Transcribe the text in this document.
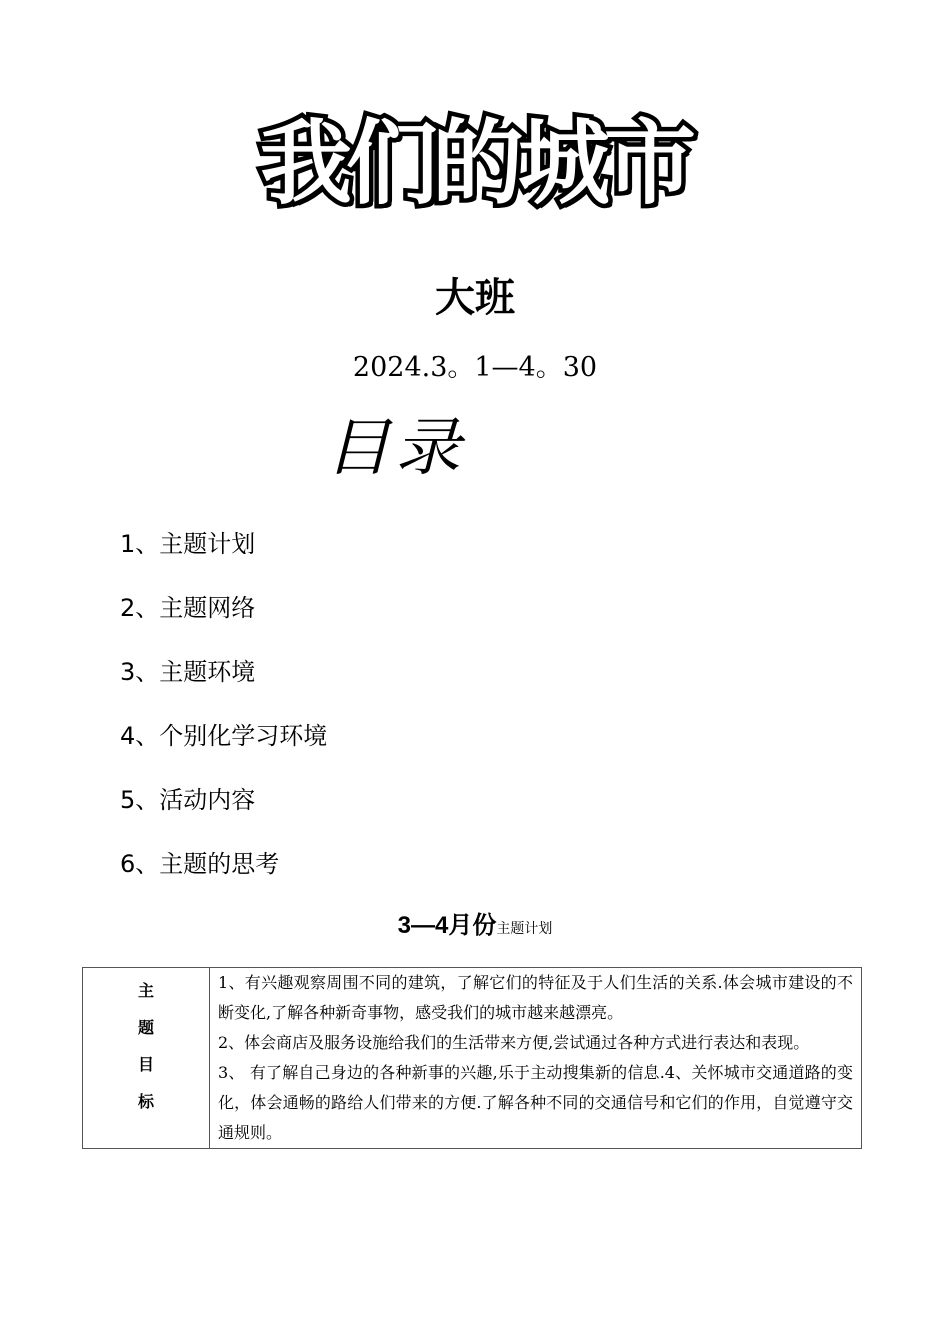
我们的城市
大班
2024.3。1—4。30
目录
1、主题计划
2、主题网络
3、主题环境
4、个别化学习环境
5、活动内容
6、主题的思考
3—4月份主题计划
主
题
目
标

1、有兴趣观察周围不同的建筑，了解它们的特征及于人们生活的关系.体会城市建设的不断变化,了解各种新奇事物，感受我们的城市越来越漂亮。

2、体会商店及服务设施给我们的生活带来方便,尝试通过各种方式进行表达和表现。

3、 有了解自己身边的各种新事的兴趣,乐于主动搜集新的信息.4、关怀城市交通道路的变化，体会通畅的路给人们带来的方便.了解各种不同的交通信号和它们的作用，自觉遵守交通规则。
